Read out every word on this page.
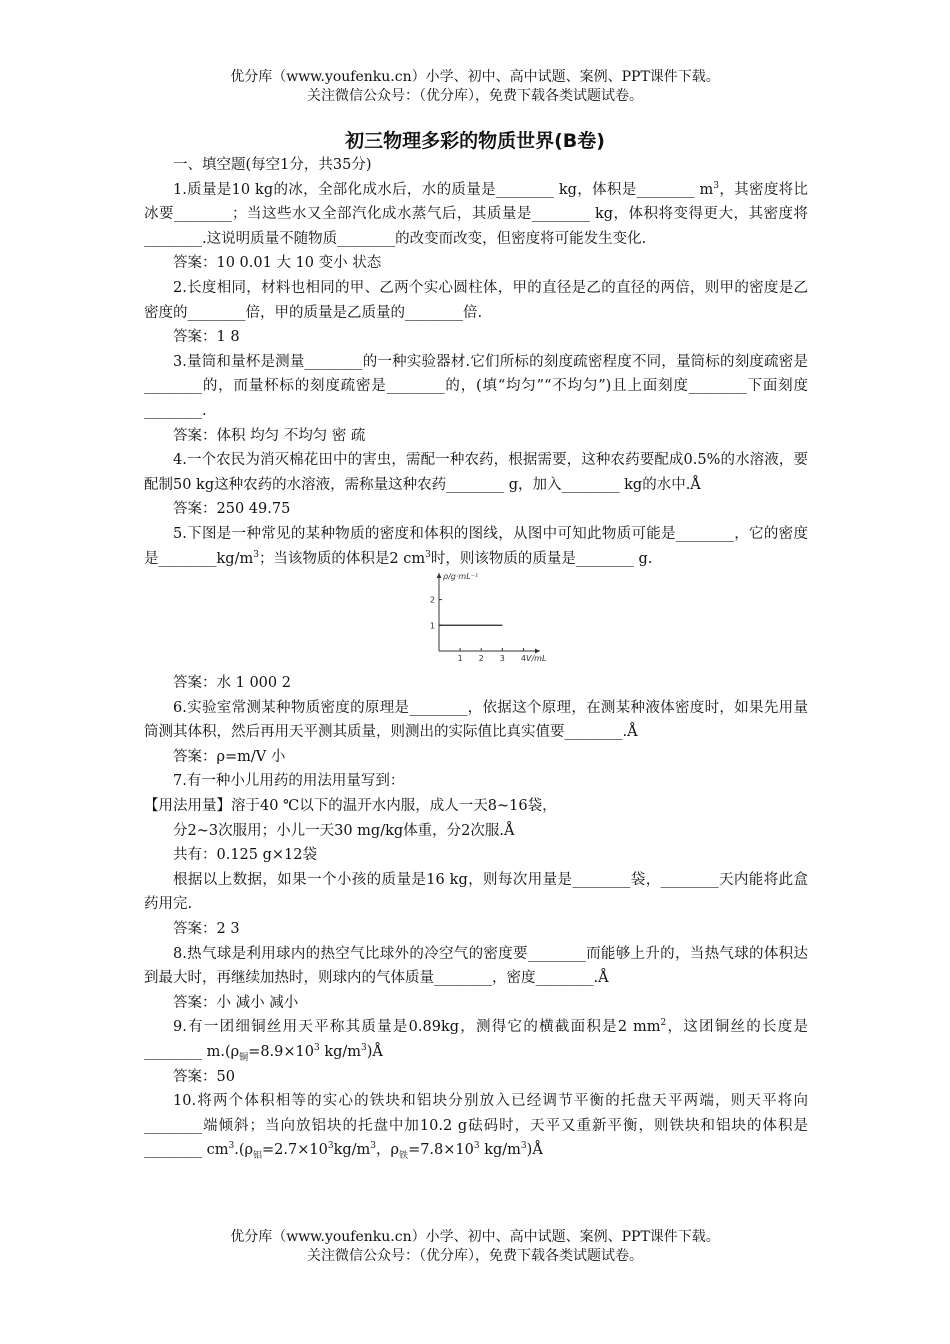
优分库（www.youfenku.cn）小学、初中、高中试题、案例、PPT课件下载。
关注微信公众号：（优分库），免费下载各类试题试卷。
初三物理多彩的物质世界(B卷)

一、填空题(每空1分，共35分)

1.质量是10 kg的冰，全部化成水后，水的质量是________ kg，体积是________ $m^3$，其密度将比冰要________；当这些水又全部汽化成水蒸气后，其质量是________ kg，体积将变得更大，其密度将________.这说明质量不随物质________的改变而改变，但密度将可能发生变化.

答案：10 0.01 大 10 变小 状态

2.长度相同，材料也相同的甲、乙两个实心圆柱体，甲的直径是乙的直径的两倍，则甲的密度是乙密度的________倍，甲的质量是乙质量的________倍.

答案：1 8

3.量筒和量杯是测量________的一种实验器材.它们所标的刻度疏密程度不同，量筒标的刻度疏密是________的，而量杯标的刻度疏密是________的，(填“均匀”“不均匀”)且上面刻度________下面刻度________.

答案：体积 均匀 不均匀 密 疏

4.一个农民为消灭棉花田中的害虫，需配一种农药，根据需要，这种农药要配成0.5%的水溶液，要配制50 kg这种农药的水溶液，需称量这种农药________ g，加入________ kg的水中.Å

答案：250 49.75

5.下图是一种常见的某种物质的密度和体积的图线，从图中可知此物质可能是________，它的密度是$\_\_\_\_\_\_\_\_kg/m^3$；当该物质的体积是2 $cm^3$时，则该物质的质量是________ g.

ρ/g·mL⁻¹
V/mL
1 2 3 4
1
2

答案：水 1 000 2

6.实验室常测某种物质密度的原理是________，依据这个原理，在测某种液体密度时，如果先用量筒测其体积，然后再用天平测其质量，则测出的实际值比真实值要________.Å

答案：ρ=m/V 小

7.有一种小儿用药的用法用量写到：

【用法用量】溶于40 ℃以下的温开水内服，成人一天8~16袋，

分2~3次服用；小儿一天30 mg/kg体重，分2次服.Å

共有：0.125 g×12袋

根据以上数据，如果一个小孩的质量是16 kg，则每次用量是________袋，________天内能将此盒药用完.

答案：2 3

8.热气球是利用球内的热空气比球外的冷空气的密度要________而能够上升的，当热气球的体积达到最大时，再继续加热时，则球内的气体质量________，密度________.Å

答案：小 减小 减小

9.有一团细铜丝用天平称其质量是0.89kg，测得它的横截面积是2 $mm^2$，这团铜丝的长度是________ $m.(\rho_铜=8.9\times 10^3$ $kg/m^3)Å$

答案：50

10.将两个体积相等的实心的铁块和铝块分别放入已经调节平衡的托盘天平两端，则天平将向________端倾斜；当向放铝块的托盘中加10.2 g砝码时，天平又重新平衡，则铁块和铝块的体积是________ $cm^3.(\rho_铝=2.7\times 10^3kg/m^3$，$\rho_铁=7.8\times 10^3$ $kg/m^3)Å$

优分库（www.youfenku.cn）小学、初中、高中试题、案例、PPT课件下载。
关注微信公众号：（优分库），免费下载各类试题试卷。
